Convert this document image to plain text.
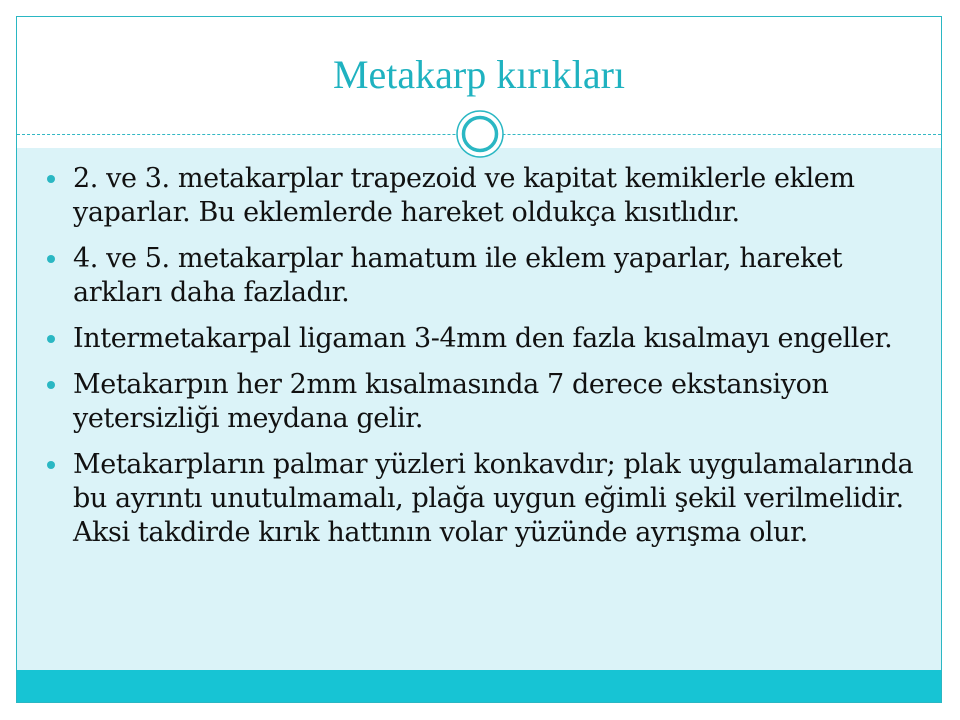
Metakarp kırıkları
2. ve 3. metakarplar trapezoid ve kapitat kemiklerle eklem yaparlar. Bu eklemlerde hareket oldukça kısıtlıdır.
4. ve 5. metakarplar hamatum ile eklem yaparlar, hareket arkları daha fazladır.
Intermetakarpal ligaman 3-4mm den fazla kısalmayı engeller.
Metakarpın her 2mm kısalmasında 7 derece ekstansiyon yetersizliği meydana gelir.
Metakarpların palmar yüzleri konkavdır; plak uygulamalarında bu ayrıntı unutulmamalı, plağa uygun eğimli şekil verilmelidir. Aksi takdirde kırık hattının volar yüzünde ayrışma olur.
